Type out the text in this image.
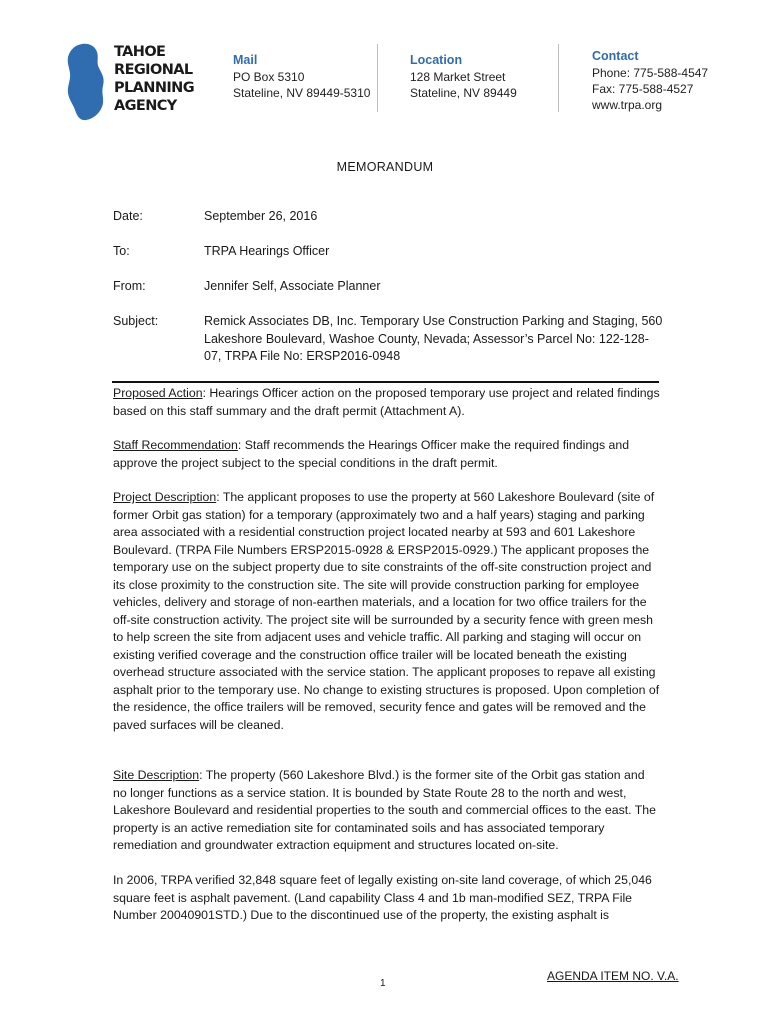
TAHOE
REGIONAL
PLANNING
AGENCY
Mail
PO Box 5310
Stateline, NV 89449-5310
Location
128 Market Street
Stateline, NV 89449
Contact
Phone: 775-588-4547
Fax: 775-588-4527
www.trpa.org
MEMORANDUM
Date:	September 26, 2016
To:	TRPA Hearings Officer
From:	Jennifer Self, Associate Planner
Subject:	Remick Associates DB, Inc. Temporary Use Construction Parking and Staging, 560 Lakeshore Boulevard, Washoe County, Nevada; Assessor’s Parcel No: 122-128-07, TRPA File No: ERSP2016-0948
Proposed Action: Hearings Officer action on the proposed temporary use project and related findings based on this staff summary and the draft permit (Attachment A).
Staff Recommendation: Staff recommends the Hearings Officer make the required findings and approve the project subject to the special conditions in the draft permit.
Project Description: The applicant proposes to use the property at 560 Lakeshore Boulevard (site of former Orbit gas station) for a temporary (approximately two and a half years) staging and parking area associated with a residential construction project located nearby at 593 and 601 Lakeshore Boulevard. (TRPA File Numbers ERSP2015-0928 & ERSP2015-0929.) The applicant proposes the temporary use on the subject property due to site constraints of the off-site construction project and its close proximity to the construction site. The site will provide construction parking for employee vehicles, delivery and storage of non-earthen materials, and a location for two office trailers for the off-site construction activity. The project site will be surrounded by a security fence with green mesh to help screen the site from adjacent uses and vehicle traffic. All parking and staging will occur on existing verified coverage and the construction office trailer will be located beneath the existing overhead structure associated with the service station. The applicant proposes to repave all existing asphalt prior to the temporary use. No change to existing structures is proposed. Upon completion of the residence, the office trailers will be removed, security fence and gates will be removed and the paved surfaces will be cleaned.
Site Description: The property (560 Lakeshore Blvd.) is the former site of the Orbit gas station and no longer functions as a service station. It is bounded by State Route 28 to the north and west, Lakeshore Boulevard and residential properties to the south and commercial offices to the east. The property is an active remediation site for contaminated soils and has associated temporary remediation and groundwater extraction equipment and structures located on-site.
In 2006, TRPA verified 32,848 square feet of legally existing on-site land coverage, of which 25,046 square feet is asphalt pavement. (Land capability Class 4 and 1b man-modified SEZ, TRPA File Number 20040901STD.) Due to the discontinued use of the property, the existing asphalt is
1
AGENDA ITEM NO. V.A.
